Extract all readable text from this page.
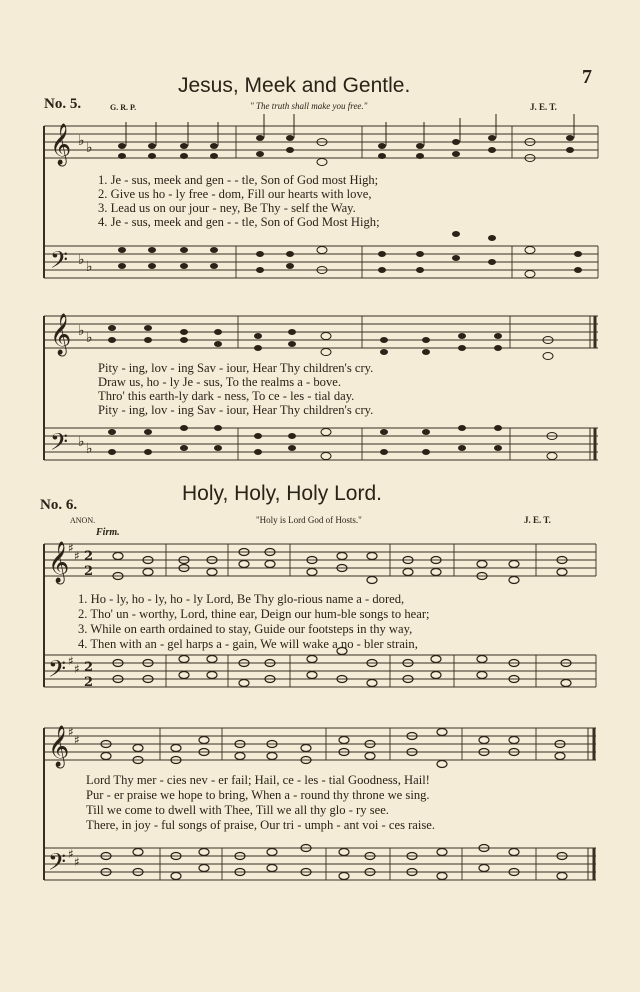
7
Jesus, Meek and Gentle.
No. 5.	G. R. P.	" The truth shall make you free."	J. E. T.
𝄞
𝄢
♭ ♭
♭ ♭
1. Je - sus, meek and gen - - tle, Son of God most High;
2. Give us ho - ly free - dom, Fill our hearts with love,
3. Lead us on our jour - ney, Be Thy - self the Way.
4. Je - sus, meek and gen - - tle, Son of God Most High;
𝄞
𝄢
♭ ♭
♭ ♭
Pity - ing, lov - ing Sav - iour, Hear Thy children's cry.
Draw us, ho - ly Je - sus, To the realms a - bove.
Thro' this earth-ly dark - ness, To ce - les - tial day.
Pity - ing, lov - ing Sav - iour, Hear Thy children's cry.
No. 6.	Holy, Holy, Holy Lord.
ANON.
Firm.
"Holy is Lord God of Hosts."	J. E. T.
𝄞
𝄢
♯
♯
♯
♯
2
2
2
2
1. Ho - ly, ho - ly, ho - ly Lord, Be Thy glo-rious name a - dored,
2. Tho' un - worthy, Lord, thine ear, Deign our hum-ble songs to hear;
3. While on earth ordained to stay, Guide our footsteps in thy way,
4. Then with an - gel harps a - gain, We will wake a no - bler strain,
𝄞
𝄢
♯
♯
♯
♯
Lord Thy mer - cies nev - er fail; Hail, ce - les - tial Goodness, Hail!
Pur - er praise we hope to bring, When a - round thy throne we sing.
Till we come to dwell with Thee, Till we all thy glo - ry see.
There, in joy - ful songs of praise, Our tri - umph - ant voi - ces raise.
